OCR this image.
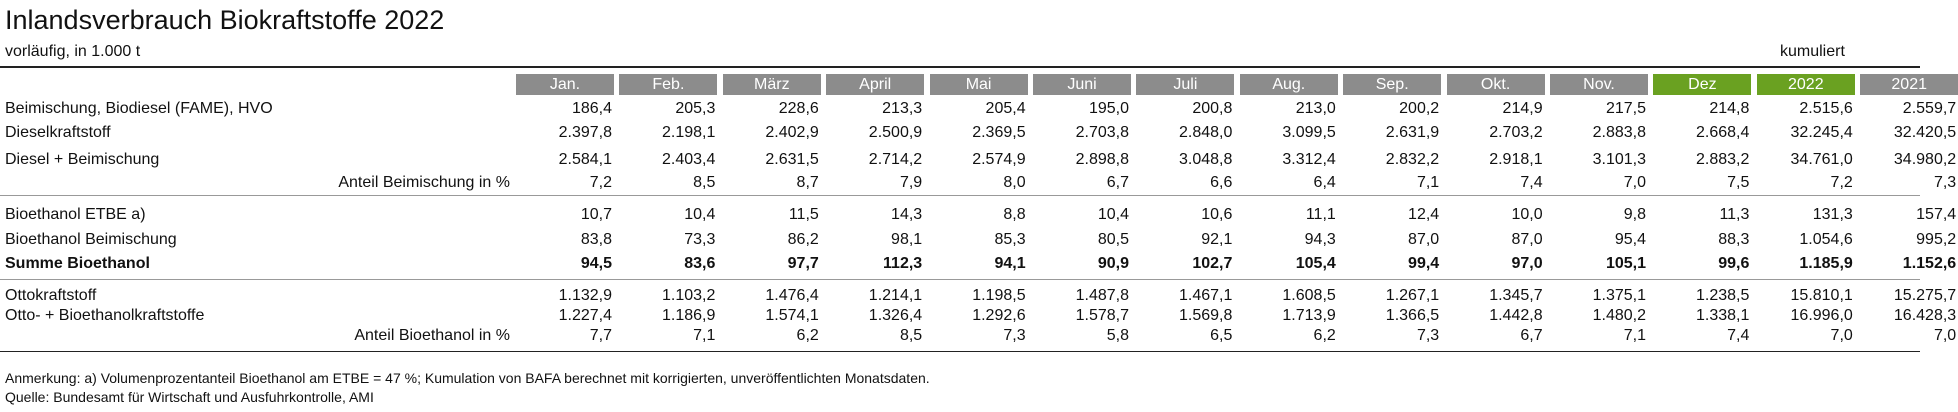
Inlandsverbrauch Biokraftstoffe 2022
vorläufig, in 1.000 t	kumuliert
Jan.	Feb.	März	April	Mai	Juni	Juli	Aug.	Sep.	Okt.	Nov.	Dez	2022	2021
Beimischung, Biodiesel (FAME), HVO	186,4	205,3	228,6	213,3	205,4	195,0	200,8	213,0	200,2	214,9	217,5	214,8	2.515,6	2.559,7
Dieselkraftstoff	2.397,8	2.198,1	2.402,9	2.500,9	2.369,5	2.703,8	2.848,0	3.099,5	2.631,9	2.703,2	2.883,8	2.668,4	32.245,4	32.420,5
Diesel + Beimischung	2.584,1	2.403,4	2.631,5	2.714,2	2.574,9	2.898,8	3.048,8	3.312,4	2.832,2	2.918,1	3.101,3	2.883,2	34.761,0	34.980,2
Anteil Beimischung in %	7,2	8,5	8,7	7,9	8,0	6,7	6,6	6,4	7,1	7,4	7,0	7,5	7,2	7,3
Bioethanol ETBE a)	10,7	10,4	11,5	14,3	8,8	10,4	10,6	11,1	12,4	10,0	9,8	11,3	131,3	157,4
Bioethanol Beimischung	83,8	73,3	86,2	98,1	85,3	80,5	92,1	94,3	87,0	87,0	95,4	88,3	1.054,6	995,2
Summe Bioethanol	94,5	83,6	97,7	112,3	94,1	90,9	102,7	105,4	99,4	97,0	105,1	99,6	1.185,9	1.152,6
Ottokraftstoff	1.132,9	1.103,2	1.476,4	1.214,1	1.198,5	1.487,8	1.467,1	1.608,5	1.267,1	1.345,7	1.375,1	1.238,5	15.810,1	15.275,7
Otto- + Bioethanolkraftstoffe	1.227,4	1.186,9	1.574,1	1.326,4	1.292,6	1.578,7	1.569,8	1.713,9	1.366,5	1.442,8	1.480,2	1.338,1	16.996,0	16.428,3
Anteil Bioethanol in %	7,7	7,1	6,2	8,5	7,3	5,8	6,5	6,2	7,3	6,7	7,1	7,4	7,0	7,0
Anmerkung: a) Volumenprozentanteil Bioethanol am ETBE = 47 %; Kumulation von BAFA berechnet mit korrigierten, unveröffentlichten Monatsdaten.
Quelle: Bundesamt für Wirtschaft und Ausfuhrkontrolle, AMI
